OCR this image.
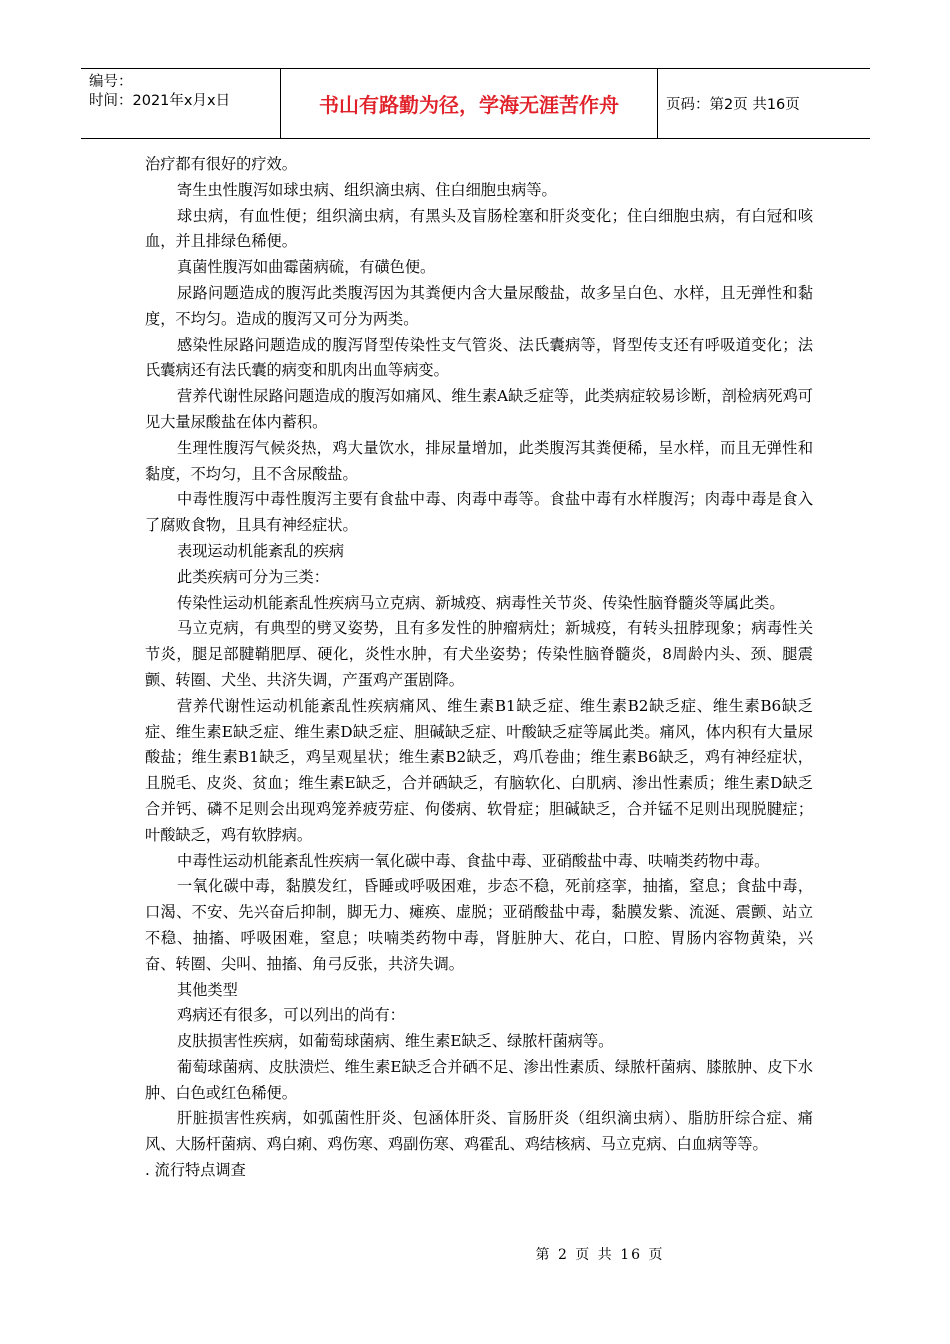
编号：
时间：2021年x月x日	书山有路勤为径，学海无涯苦作舟	页码：第2页 共16页

治疗都有很好的疗效。

寄生虫性腹泻如球虫病、组织滴虫病、住白细胞虫病等。

球虫病，有血性便；组织滴虫病，有黑头及盲肠栓塞和肝炎变化；住白细胞虫病，有白冠和咳血，并且排绿色稀便。

真菌性腹泻如曲霉菌病硫，有磺色便。

尿路问题造成的腹泻此类腹泻因为其粪便内含大量尿酸盐，故多呈白色、水样，且无弹性和黏度，不均匀。造成的腹泻又可分为两类。

感染性尿路问题造成的腹泻肾型传染性支气管炎、法氏囊病等，肾型传支还有呼吸道变化；法氏囊病还有法氏囊的病变和肌肉出血等病变。

营养代谢性尿路问题造成的腹泻如痛风、维生素A缺乏症等，此类病症较易诊断，剖检病死鸡可见大量尿酸盐在体内蓄积。

生理性腹泻气候炎热，鸡大量饮水，排尿量增加，此类腹泻其粪便稀，呈水样，而且无弹性和黏度，不均匀，且不含尿酸盐。

中毒性腹泻中毒性腹泻主要有食盐中毒、肉毒中毒等。食盐中毒有水样腹泻；肉毒中毒是食入了腐败食物，且具有神经症状。

表现运动机能紊乱的疾病

此类疾病可分为三类：

传染性运动机能紊乱性疾病马立克病、新城疫、病毒性关节炎、传染性脑脊髓炎等属此类。

马立克病，有典型的劈叉姿势，且有多发性的肿瘤病灶；新城疫，有转头扭脖现象；病毒性关节炎，腿足部腱鞘肥厚、硬化，炎性水肿，有犬坐姿势；传染性脑脊髓炎，8周龄内头、颈、腿震颤、转圈、犬坐、共济失调，产蛋鸡产蛋剧降。

营养代谢性运动机能紊乱性疾病痛风、维生素B1缺乏症、维生素B2缺乏症、维生素B6缺乏症、维生素E缺乏症、维生素D缺乏症、胆碱缺乏症、叶酸缺乏症等属此类。痛风，体内积有大量尿酸盐；维生素B1缺乏，鸡呈观星状；维生素B2缺乏，鸡爪卷曲；维生素B6缺乏，鸡有神经症状，且脱毛、皮炎、贫血；维生素E缺乏，合并硒缺乏，有脑软化、白肌病、渗出性素质；维生素D缺乏合并钙、磷不足则会出现鸡笼养疲劳症、佝偻病、软骨症；胆碱缺乏，合并锰不足则出现脱腱症；叶酸缺乏，鸡有软脖病。

中毒性运动机能紊乱性疾病一氧化碳中毒、食盐中毒、亚硝酸盐中毒、呋喃类药物中毒。

一氧化碳中毒，黏膜发红，昏睡或呼吸困难，步态不稳，死前痉挛，抽搐，窒息；食盐中毒，口渴、不安、先兴奋后抑制，脚无力、瘫痪、虚脱；亚硝酸盐中毒，黏膜发紫、流涎、震颤、站立不稳、抽搐、呼吸困难，窒息；呋喃类药物中毒，肾脏肿大、花白，口腔、胃肠内容物黄染，兴奋、转圈、尖叫、抽搐、角弓反张，共济失调。

其他类型

鸡病还有很多，可以列出的尚有：

皮肤损害性疾病，如葡萄球菌病、维生素E缺乏、绿脓杆菌病等。

葡萄球菌病、皮肤溃烂、维生素E缺乏合并硒不足、渗出性素质、绿脓杆菌病、膝脓肿、皮下水肿、白色或红色稀便。

肝脏损害性疾病，如弧菌性肝炎、包涵体肝炎、盲肠肝炎（组织滴虫病）、脂肪肝综合症、痛风、大肠杆菌病、鸡白痢、鸡伤寒、鸡副伤寒、鸡霍乱、鸡结核病、马立克病、白血病等等。

. 流行特点调查

第 2 页 共 16 页
